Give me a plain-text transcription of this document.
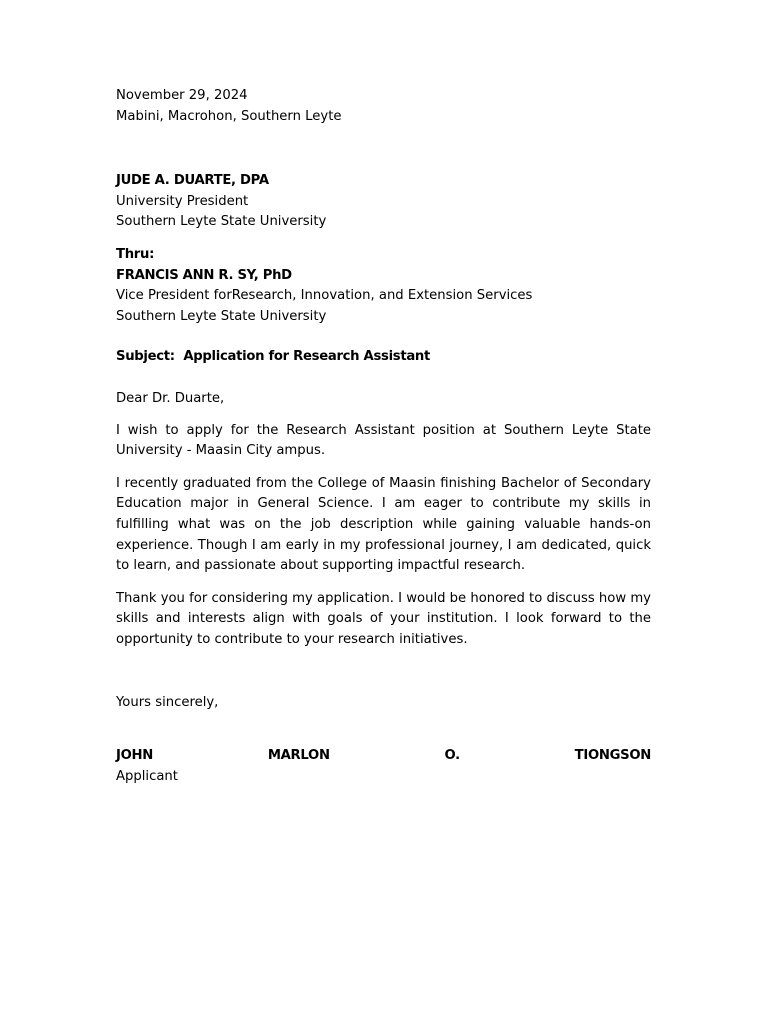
November 29, 2024
Mabini, Macrohon, Southern Leyte
JUDE A. DUARTE, DPA
University President
Southern Leyte State University
Thru:
FRANCIS ANN R. SY, PhD
Vice President forResearch, Innovation, and Extension Services
Southern Leyte State University
Subject:  Application for Research Assistant
Dear Dr. Duarte,

I wish to apply for the Research Assistant position at Southern Leyte State University - Maasin City ampus.

I recently graduated from the College of Maasin finishing Bachelor of Secondary Education major in General Science. I am eager to contribute my skills in fulfilling what was on the job description while gaining valuable hands-on experience. Though I am early in my professional journey, I am dedicated, quick to learn, and passionate about supporting impactful research.

Thank you for considering my application. I would be honored to discuss how my skills and interests align with goals of your institution. I look forward to the opportunity to contribute to your research initiatives.

Yours sincerely,
JOHN	MARLON	O.	TIONGSON
Applicant
